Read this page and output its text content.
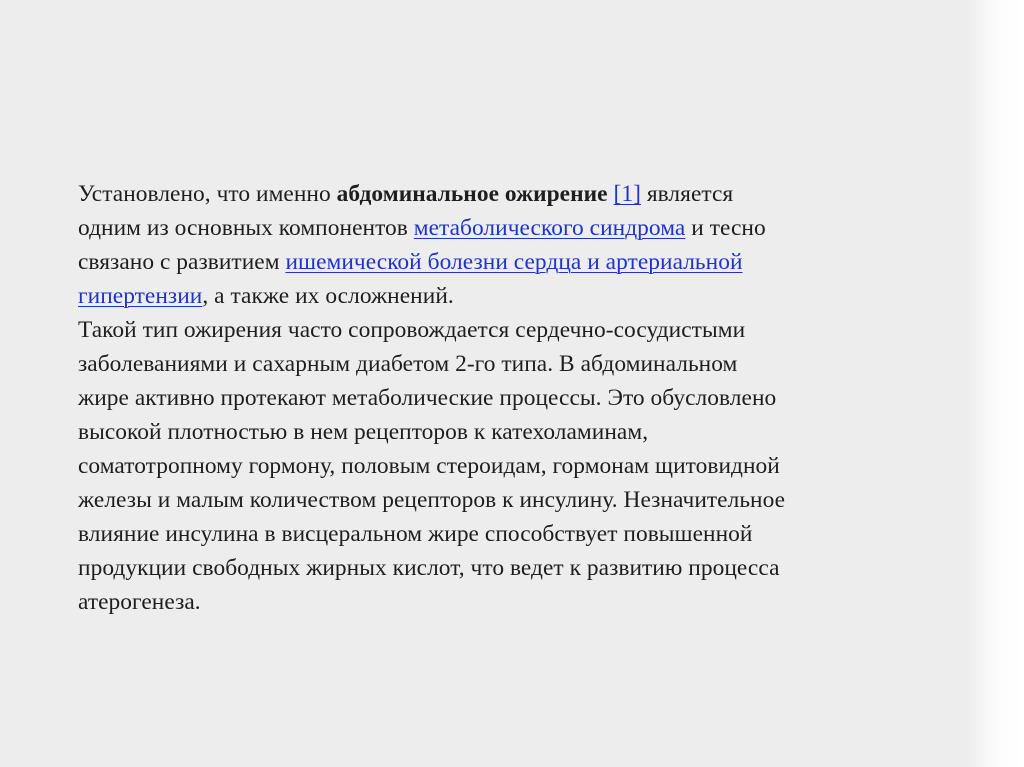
Установлено, что именно абдоминальное ожирение [1] является
одним из основных компонентов метаболического синдрома и тесно
связано с развитием ишемической болезни сердца и артериальной
гипертензии, а также их осложнений.
Такой тип ожирения часто сопровождается сердечно-сосудистыми
заболеваниями и сахарным диабетом 2-го типа. В абдоминальном
жире активно протекают метаболические процессы. Это обусловлено
высокой плотностью в нем рецепторов к катехоламинам,
соматотропному гормону, половым стероидам, гормонам щитовидной
железы и малым количеством рецепторов к инсулину. Незначительное
влияние инсулина в висцеральном жире способствует повышенной
продукции свободных жирных кислот, что ведет к развитию процесса
атерогенеза.
